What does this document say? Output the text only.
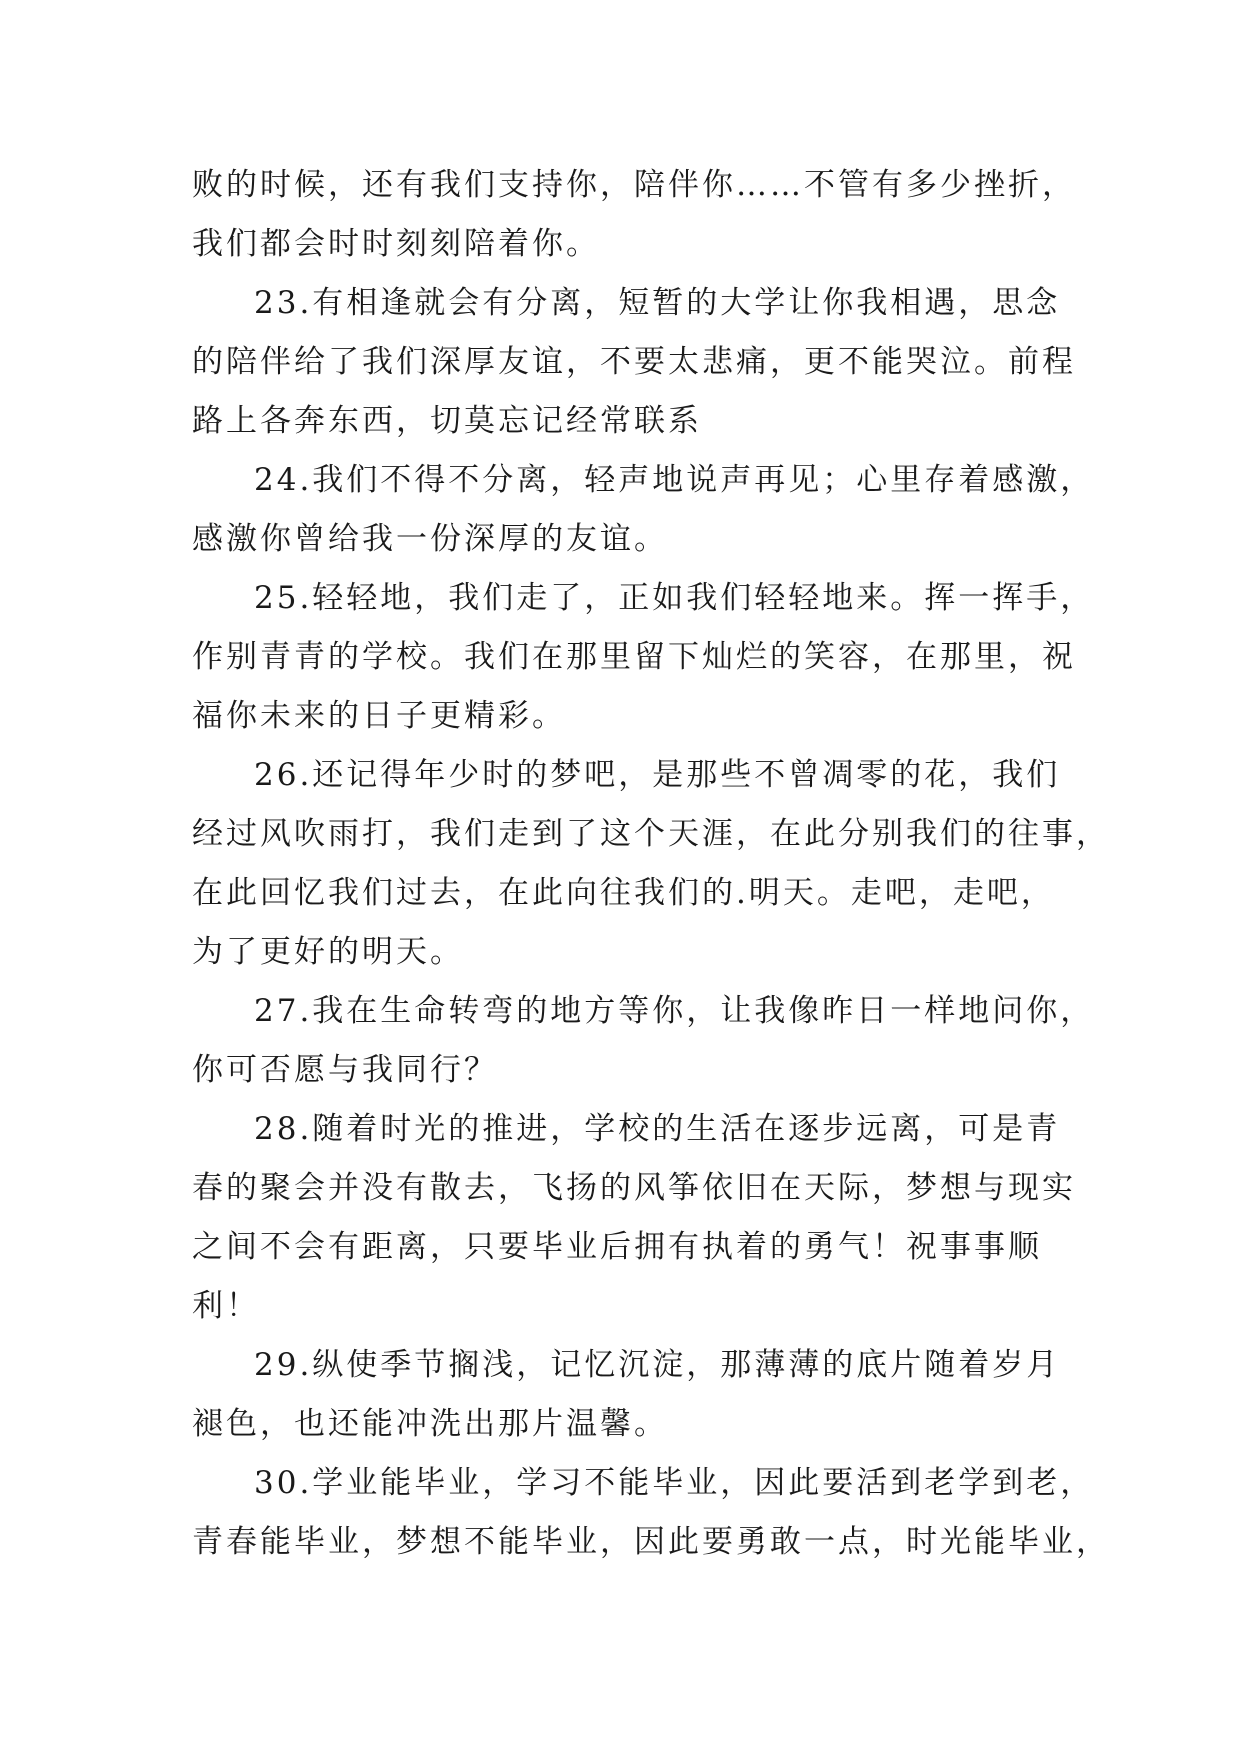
败的时候，还有我们支持你，陪伴你……不管有多少挫折，
我们都会时时刻刻陪着你。
23.有相逢就会有分离，短暂的大学让你我相遇，思念
的陪伴给了我们深厚友谊，不要太悲痛，更不能哭泣。前程
路上各奔东西，切莫忘记经常联系
24.我们不得不分离，轻声地说声再见；心里存着感激，
感激你曾给我一份深厚的友谊。
25.轻轻地，我们走了，正如我们轻轻地来。挥一挥手，
作别青青的学校。我们在那里留下灿烂的笑容，在那里，祝
福你未来的日子更精彩。
26.还记得年少时的梦吧，是那些不曾凋零的花，我们
经过风吹雨打，我们走到了这个天涯，在此分别我们的往事，
在此回忆我们过去，在此向往我们的.明天。走吧，走吧，
为了更好的明天。
27.我在生命转弯的地方等你，让我像昨日一样地问你，
你可否愿与我同行？
28.随着时光的推进，学校的生活在逐步远离，可是青
春的聚会并没有散去，飞扬的风筝依旧在天际，梦想与现实
之间不会有距离，只要毕业后拥有执着的勇气！祝事事顺
利！
29.纵使季节搁浅，记忆沉淀，那薄薄的底片随着岁月
褪色，也还能冲洗出那片温馨。
30.学业能毕业，学习不能毕业，因此要活到老学到老，
青春能毕业，梦想不能毕业，因此要勇敢一点，时光能毕业，
